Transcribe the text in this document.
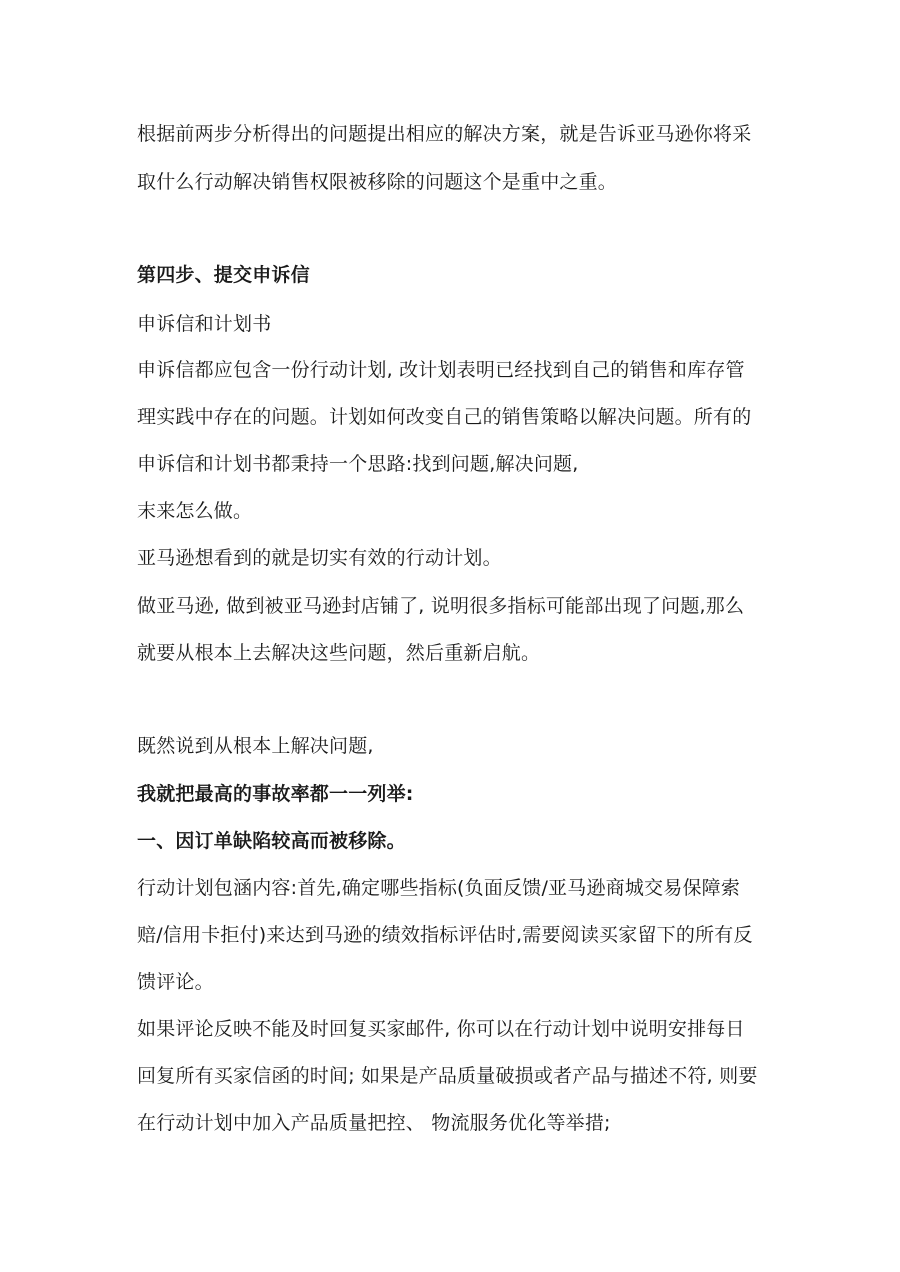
根据前两步分析得出的问题提出相应的解决方案，就是告诉亚马逊你将采
取什么行动解决销售权限被移除的问题这个是重中之重。
第四步、提交申诉信
申诉信和计划书
申诉信都应包含一份行动计划, 改计划表明已经找到自己的销售和库存管
理实践中存在的问题。计划如何改变自己的销售策略以解决问题。所有的
申诉信和计划书都秉持一个思路:找到问题,解决问题,
末来怎么做。
亚马逊想看到的就是切实有效的行动计划。
做亚马逊, 做到被亚马逊封店铺了, 说明很多指标可能部出现了问题,那么
就要从根本上去解决这些问题，然后重新启航。
既然说到从根本上解决问题,
我就把最高的事故率都一一列举:
一、因订单缺陷较高而被移除。
行动计划包涵内容:首先,确定哪些指标(负面反馈/亚马逊商城交易保障索
赔/信用卡拒付)来达到马逊的绩效指标评估时,需要阅读买家留下的所有反
馈评论。
如果评论反映不能及时回复买家邮件, 你可以在行动计划中说明安排每日
回复所有买家信函的时间; 如果是产品质量破损或者产品与描述不符, 则要
在行动计划中加入产品质量把控、 物流服务优化等举措;
